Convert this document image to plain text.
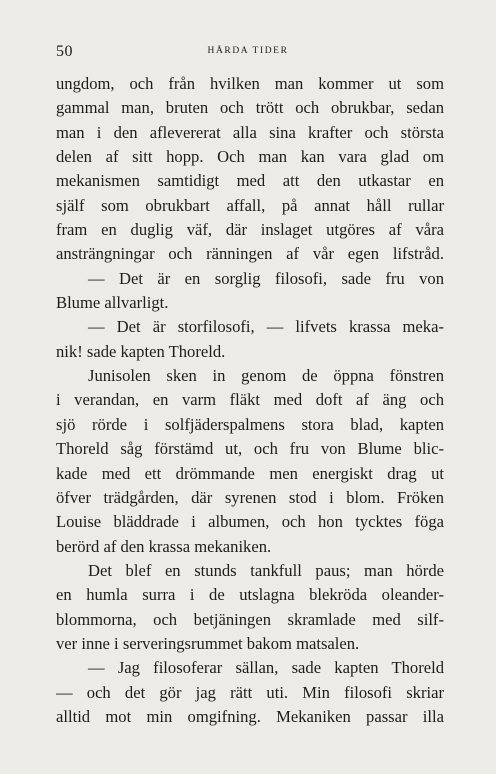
50	HÅRDA TIDER
ungdom, och från hvilken man kommer ut som
gammal man, bruten och trött och obrukbar, sedan
man i den aflevererat alla sina krafter och största
delen af sitt hopp. Och man kan vara glad om
mekanismen samtidigt med att den utkastar en
själf som obrukbart affall, på annat håll rullar
fram en duglig väf, där inslaget utgöres af våra
ansträngningar och ränningen af vår egen lifstråd.
— Det är en sorglig filosofi, sade fru von
Blume allvarligt.
— Det är storfilosofi, — lifvets krassa meka-
nik! sade kapten Thoreld.
Junisolen sken in genom de öppna fönstren
i verandan, en varm fläkt med doft af äng och
sjö rörde i solfjäderspalmens stora blad, kapten
Thoreld såg förstämd ut, och fru von Blume blic-
kade med ett drömmande men energiskt drag ut
öfver trädgården, där syrenen stod i blom. Fröken
Louise bläddrade i albumen, och hon tycktes föga
berörd af den krassa mekaniken.
Det blef en stunds tankfull paus; man hörde
en humla surra i de utslagna blekröda oleander-
blommorna, och betjäningen skramlade med silf-
ver inne i serveringsrummet bakom matsalen.
— Jag filosoferar sällan, sade kapten Thoreld
— och det gör jag rätt uti. Min filosofi skriar
alltid mot min omgifning. Mekaniken passar illa
